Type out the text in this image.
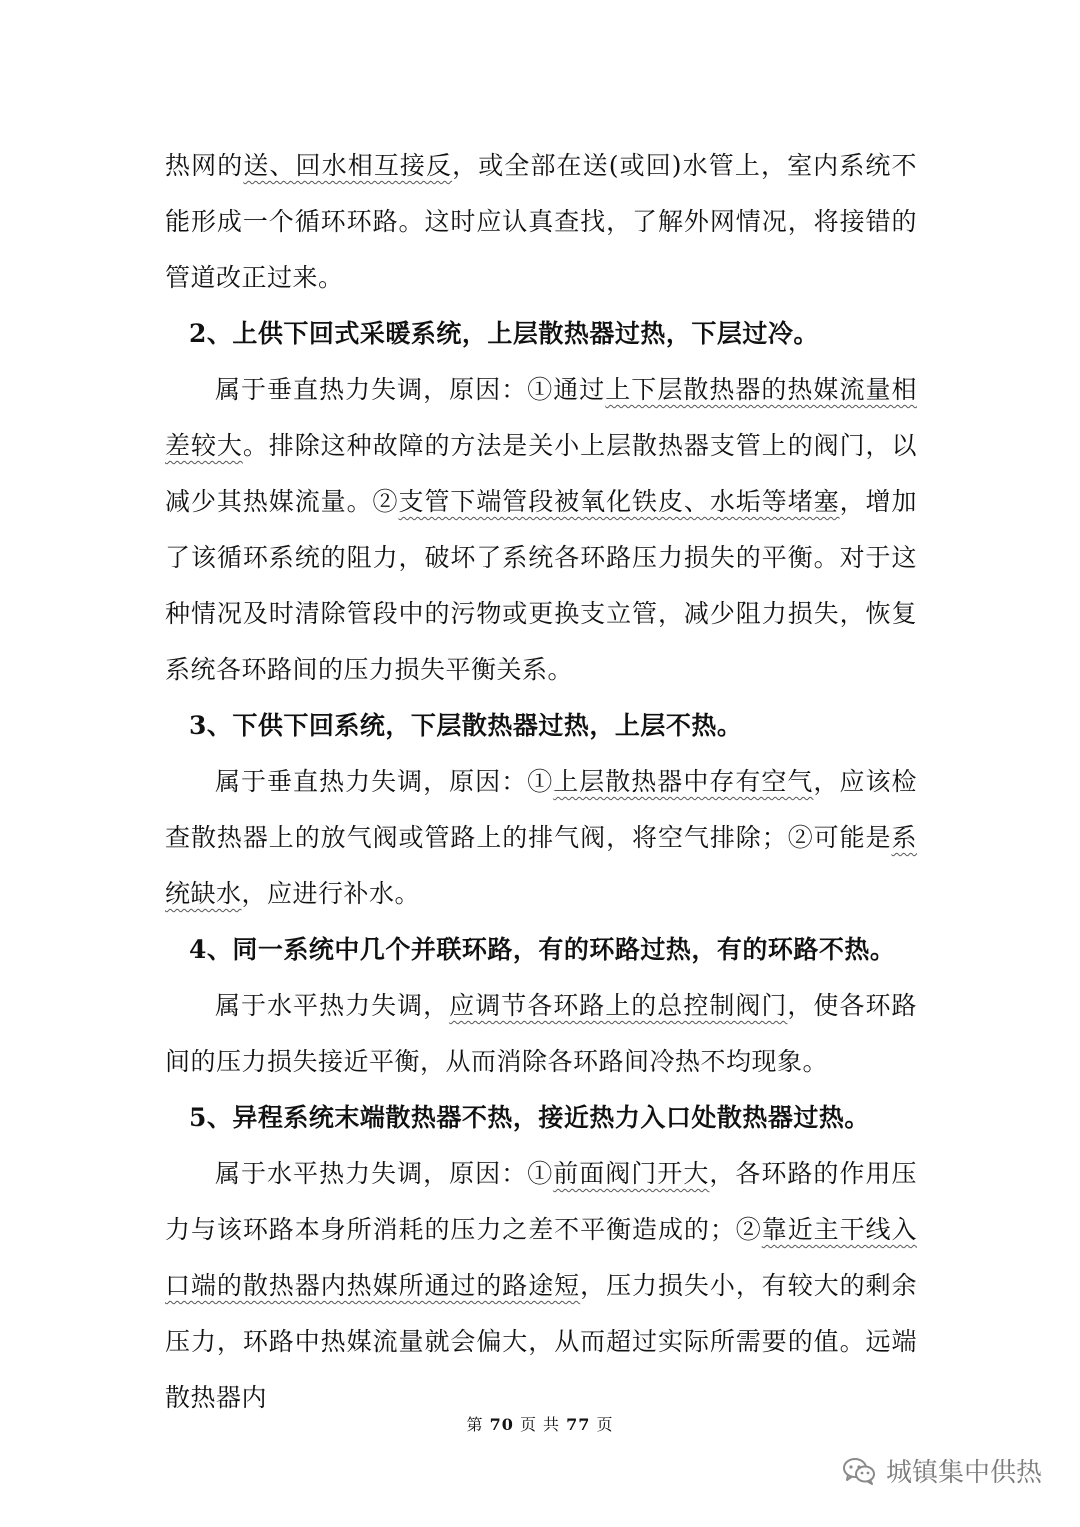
热网的送、回水相互接反，或全部在送(或回)水管上，室内系统不能形成一个循环环路。这时应认真查找，了解外网情况，将接错的管道改正过来。

2、上供下回式采暖系统，上层散热器过热，下层过冷。

属于垂直热力失调，原因：①通过上下层散热器的热媒流量相差较大。排除这种故障的方法是关小上层散热器支管上的阀门，以减少其热媒流量。②支管下端管段被氧化铁皮、水垢等堵塞，增加了该循环系统的阻力，破坏了系统各环路压力损失的平衡。对于这种情况及时清除管段中的污物或更换支立管，减少阻力损失，恢复系统各环路间的压力损失平衡关系。

3、下供下回系统，下层散热器过热，上层不热。

属于垂直热力失调，原因：①上层散热器中存有空气，应该检查散热器上的放气阀或管路上的排气阀，将空气排除；②可能是系统缺水，应进行补水。

4、同一系统中几个并联环路，有的环路过热，有的环路不热。

属于水平热力失调，应调节各环路上的总控制阀门，使各环路间的压力损失接近平衡，从而消除各环路间冷热不均现象。

5、异程系统末端散热器不热，接近热力入口处散热器过热。

属于水平热力失调，原因：①前面阀门开大，各环路的作用压力与该环路本身所消耗的压力之差不平衡造成的；②靠近主干线入口端的散热器内热媒所通过的路途短，压力损失小，有较大的剩余压力，环路中热媒流量就会偏大，从而超过实际所需要的值。远端散热器内

第 70 页 共 77 页
城镇集中供热
